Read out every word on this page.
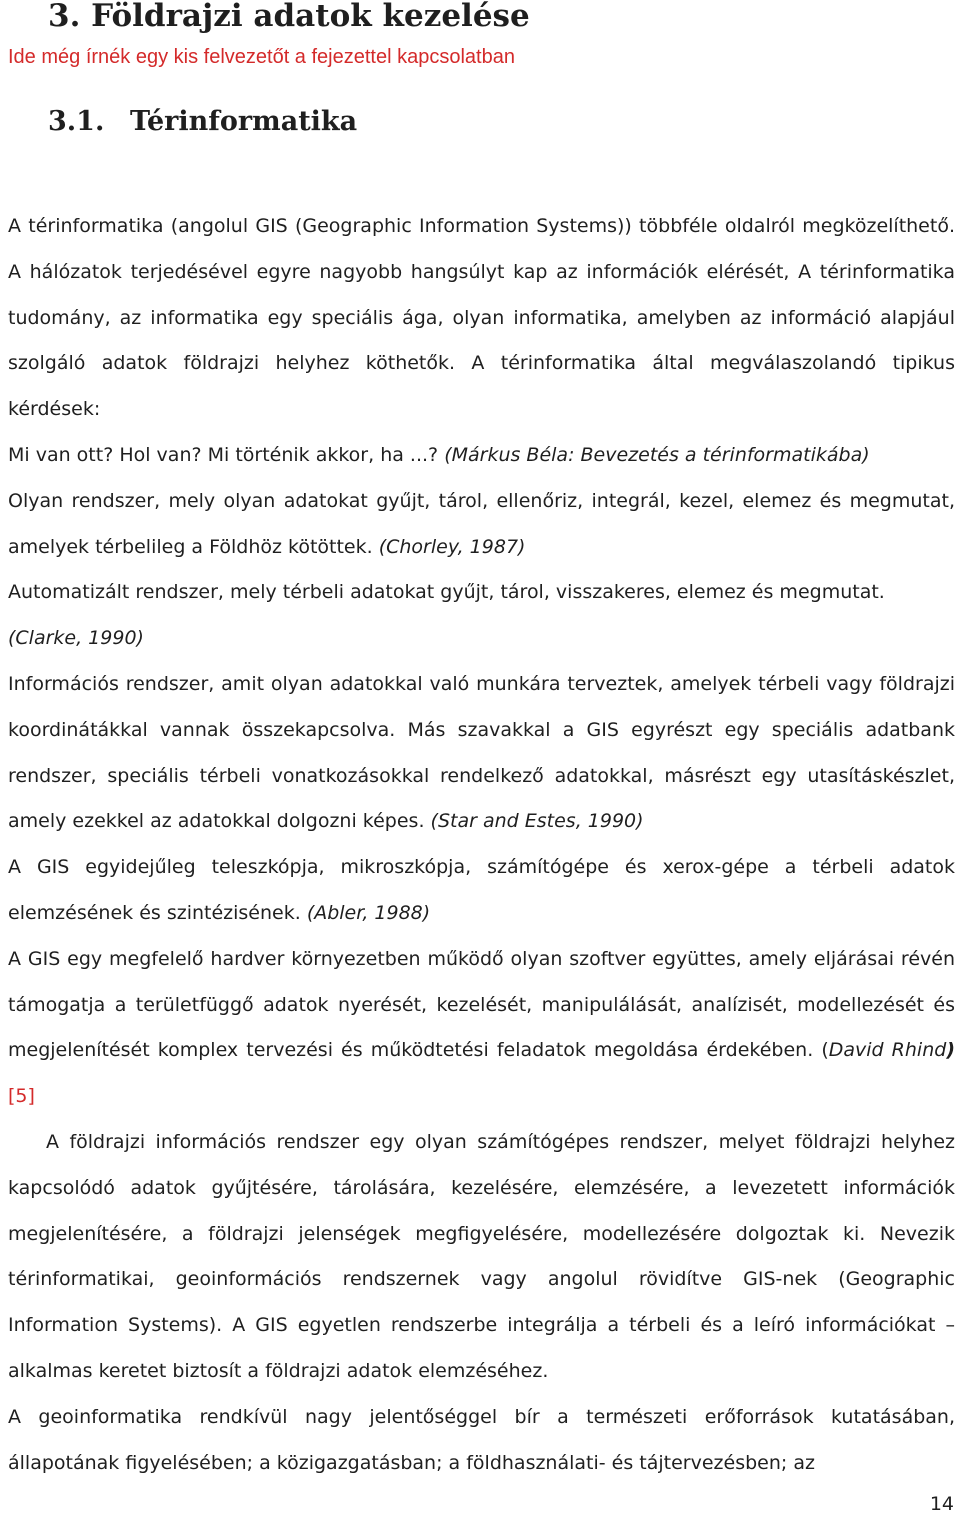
3. Földrajzi adatok kezelése
Ide még írnék egy kis felvezetőt a fejezettel kapcsolatban
3.1. Térinformatika

A térinformatika (angolul GIS (Geographic Information Systems)) többféle oldalról megközelíthető. A hálózatok terjedésével egyre nagyobb hangsúlyt kap az információk elérését, A térinformatika tudomány, az informatika egy speciális ága, olyan informatika, amelyben az információ alapjául szolgáló adatok földrajzi helyhez köthetők. A térinformatika által megválaszolandó tipikus kérdések:

Mi van ott? Hol van? Mi történik akkor, ha ...? (Márkus Béla: Bevezetés a térinformatikába)

Olyan rendszer, mely olyan adatokat gyűjt, tárol, ellenőriz, integrál, kezel, elemez és megmutat, amelyek térbelileg a Földhöz kötöttek. (Chorley, 1987)

Automatizált rendszer, mely térbeli adatokat gyűjt, tárol, visszakeres, elemez és megmutat. (Clarke, 1990)

Információs rendszer, amit olyan adatokkal való munkára terveztek, amelyek térbeli vagy földrajzi koordinátákkal vannak összekapcsolva. Más szavakkal a GIS egyrészt egy speciális adatbank rendszer, speciális térbeli vonatkozásokkal rendelkező adatokkal, másrészt egy utasításkészlet, amely ezekkel az adatokkal dolgozni képes. (Star and Estes, 1990)

A GIS egyidejűleg teleszkópja, mikroszkópja, számítógépe és xerox-gépe a térbeli adatok elemzésének és szintézisének. (Abler, 1988)

A GIS egy megfelelő hardver környezetben működő olyan szoftver együttes, amely eljárásai révén támogatja a területfüggő adatok nyerését, kezelését, manipulálását, analízisét, modellezését és megjelenítését komplex tervezési és működtetési feladatok megoldása érdekében. (David Rhind) [5]

A földrajzi információs rendszer egy olyan számítógépes rendszer, melyet földrajzi helyhez kapcsolódó adatok gyűjtésére, tárolására, kezelésére, elemzésére, a levezetett információk megjelenítésére, a földrajzi jelenségek megfigyelésére, modellezésére dolgoztak ki. Nevezik térinformatikai, geoinformációs rendszernek vagy angolul rövidítve GIS-nek (Geographic Information Systems). A GIS egyetlen rendszerbe integrálja a térbeli és a leíró információkat – alkalmas keretet biztosít a földrajzi adatok elemzéséhez.

A geoinformatika rendkívül nagy jelentőséggel bír a természeti erőforrások kutatásában, állapotának figyelésében; a közigazgatásban; a földhasználati- és tájtervezésben; az

14
